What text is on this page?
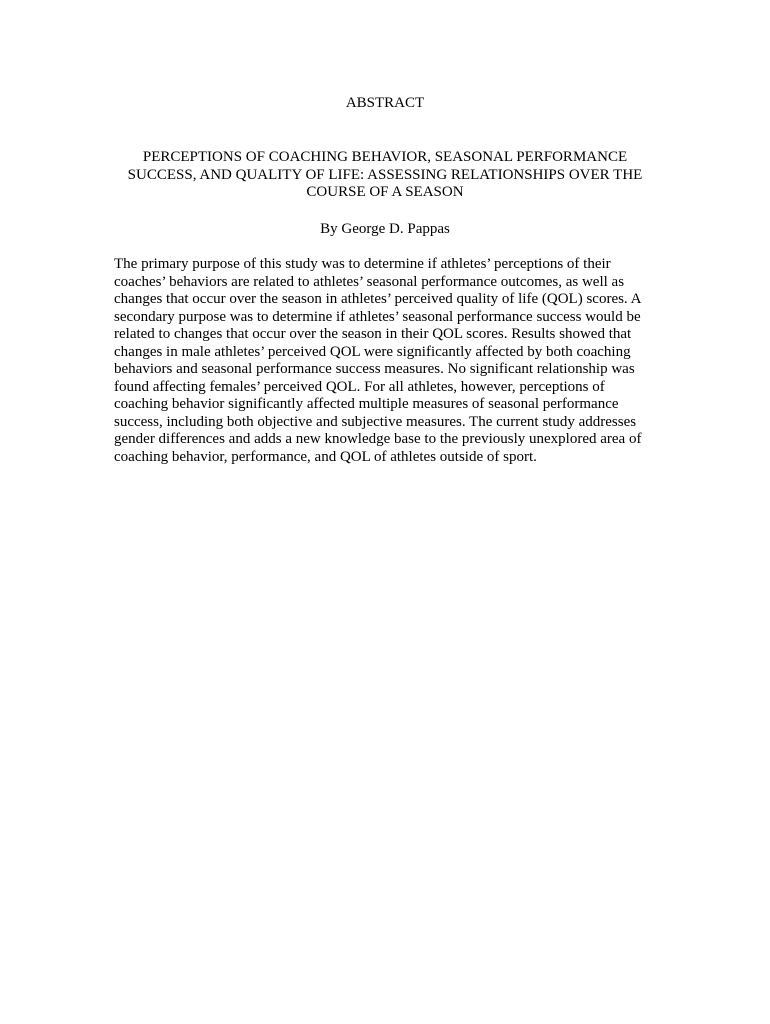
ABSTRACT
PERCEPTIONS OF COACHING BEHAVIOR, SEASONAL PERFORMANCE
SUCCESS, AND QUALITY OF LIFE: ASSESSING RELATIONSHIPS OVER THE
COURSE OF A SEASON

By George D. Pappas

The primary purpose of this study was to determine if athletes’ perceptions of their
coaches’ behaviors are related to athletes’ seasonal performance outcomes, as well as
changes that occur over the season in athletes’ perceived quality of life (QOL) scores. A
secondary purpose was to determine if athletes’ seasonal performance success would be
related to changes that occur over the season in their QOL scores. Results showed that
changes in male athletes’ perceived QOL were significantly affected by both coaching
behaviors and seasonal performance success measures. No significant relationship was
found affecting females’ perceived QOL. For all athletes, however, perceptions of
coaching behavior significantly affected multiple measures of seasonal performance
success, including both objective and subjective measures. The current study addresses
gender differences and adds a new knowledge base to the previously unexplored area of
coaching behavior, performance, and QOL of athletes outside of sport.
